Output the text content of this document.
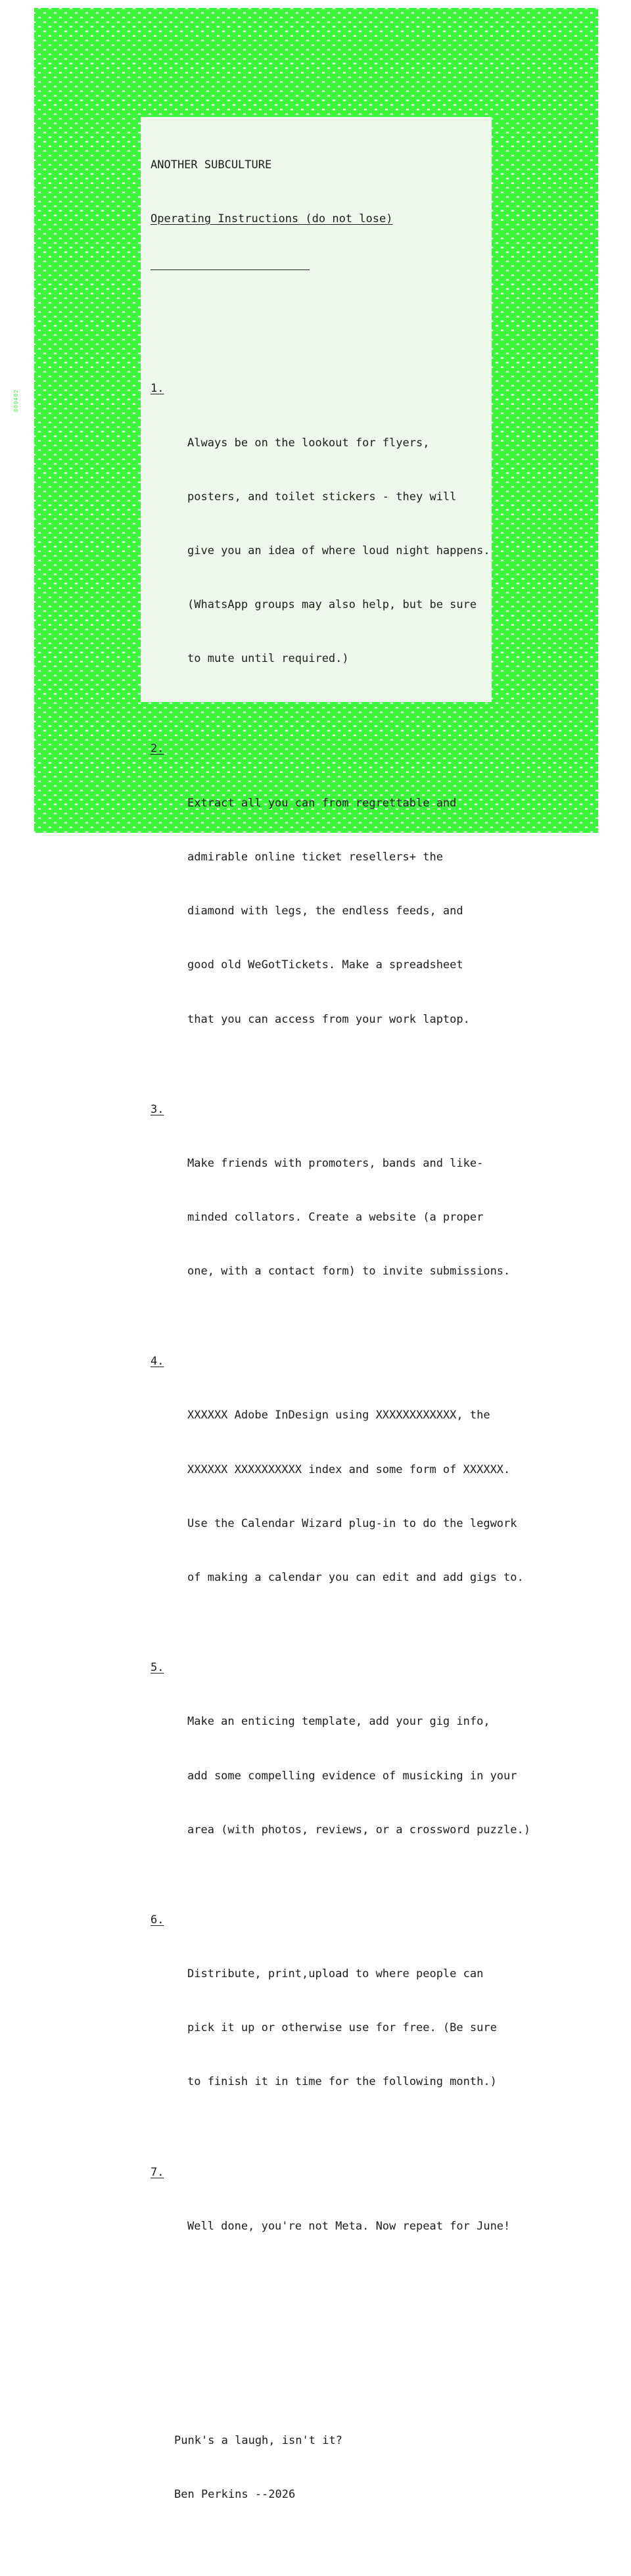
ANOTHER SUBCULTURE

Operating Instructions (do not lose)

1.

Always be on the lookout for flyers,

posters, and toilet stickers - they will

give you an idea of where loud night happens.

(WhatsApp groups may also help, but be sure

to mute until required.)

2.

Extract all you can from regrettable and

admirable online ticket resellers+ the

diamond with legs, the endless feeds, and

good old WeGotTickets. Make a spreadsheet

that you can access from your work laptop.

3.

Make friends with promoters, bands and like-

minded collators. Create a website (a proper

one, with a contact form) to invite submissions.

4.

XXXXXX Adobe InDesign using XXXXXXXXXXXX, the

XXXXXX XXXXXXXXXX index and some form of XXXXXX.

Use the Calendar Wizard plug-in to do the legwork

of making a calendar you can edit and add gigs to.

5.

Make an enticing template, add your gig info,

add some compelling evidence of musicking in your

area (with photos, reviews, or a crossword puzzle.)

6.

Distribute, print,upload to where people can

pick it up or otherwise use for free. (Be sure

to finish it in time for the following month.)

7.

Well done, you're not Meta. Now repeat for June!

Punk's a laugh, isn't it?

Ben Perkins --2026

000402
LT 800
